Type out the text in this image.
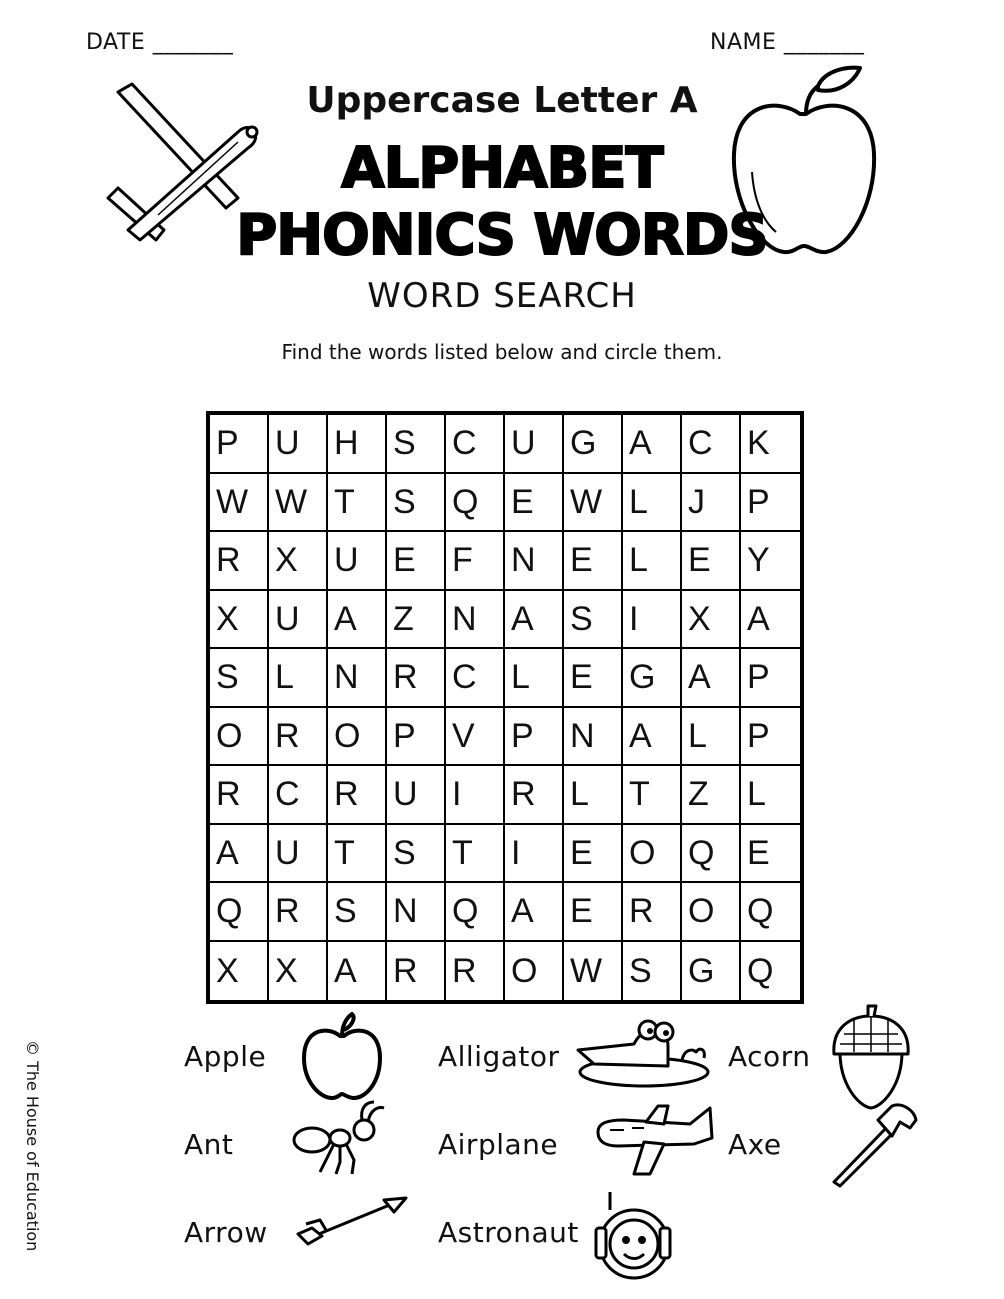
DATE _______	NAME _______
Uppercase Letter A
ALPHABET
PHONICS WORDS
WORD SEARCH
Find the words listed below and circle them.
P	U	H	S	C	U	G A	C	K
W W T	S	Q E	W L	J	P
R	X	U	E	F	N	E	L	E	Y
X	U	A	Z	N	A	S	I	X	A
S	L	N	R	C	L	E	G A	P
O R	O P	V	P	N	A	L	P
R	C	R	U	I	R	L	T	Z	L
A	U	T	S	T	I	E	O Q E
Q R	S	N	Q A	E	R	O Q
X	X	A	R	R	O W S	G Q
Apple	Alligator	Acorn
Ant	Airplane	Axe
Arrow	Astronaut
© The House of Education
